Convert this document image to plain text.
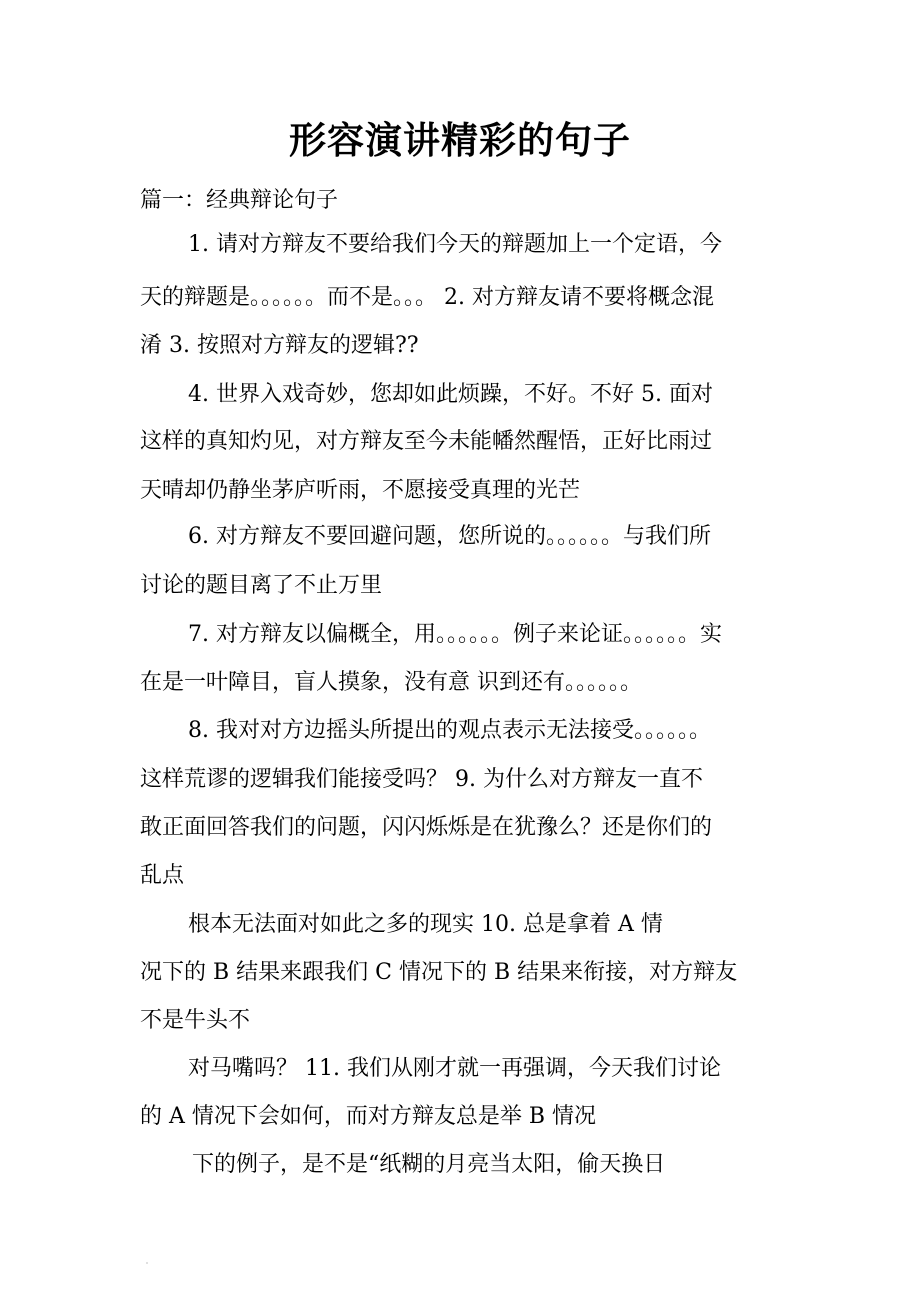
形容演讲精彩的句子

篇一：经典辩论句子

1. 请对方辩友不要给我们今天的辩题加上一个定语，今

天的辩题是。。。。。。而不是。。。 2. 对方辩友请不要将概念混

淆 3. 按照对方辩友的逻辑??

4. 世界入戏奇妙，您却如此烦躁，不好。不好 5. 面对

这样的真知灼见，对方辩友至今未能幡然醒悟，正好比雨过

天晴却仍静坐茅庐听雨，不愿接受真理的光芒

6. 对方辩友不要回避问题，您所说的。。。。。。与我们所

讨论的题目离了不止万里

7. 对方辩友以偏概全，用。。。。。。例子来论证。。。。。。实

在是一叶障目，盲人摸象，没有意 识到还有。。。。。。

8. 我对对方边摇头所提出的观点表示无法接受。。。。。。

这样荒谬的逻辑我们能接受吗？ 9. 为什么对方辩友一直不

敢正面回答我们的问题，闪闪烁烁是在犹豫么？还是你们的

乱点

根本无法面对如此之多的现实 10. 总是拿着 A 情

况下的 B 结果来跟我们 C 情况下的 B 结果来衔接，对方辩友

不是牛头不

对马嘴吗？ 11. 我们从刚才就一再强调，今天我们讨论

的 A 情况下会如何，而对方辩友总是举 B 情况

下的例子，是不是“纸糊的月亮当太阳，偷天换日
